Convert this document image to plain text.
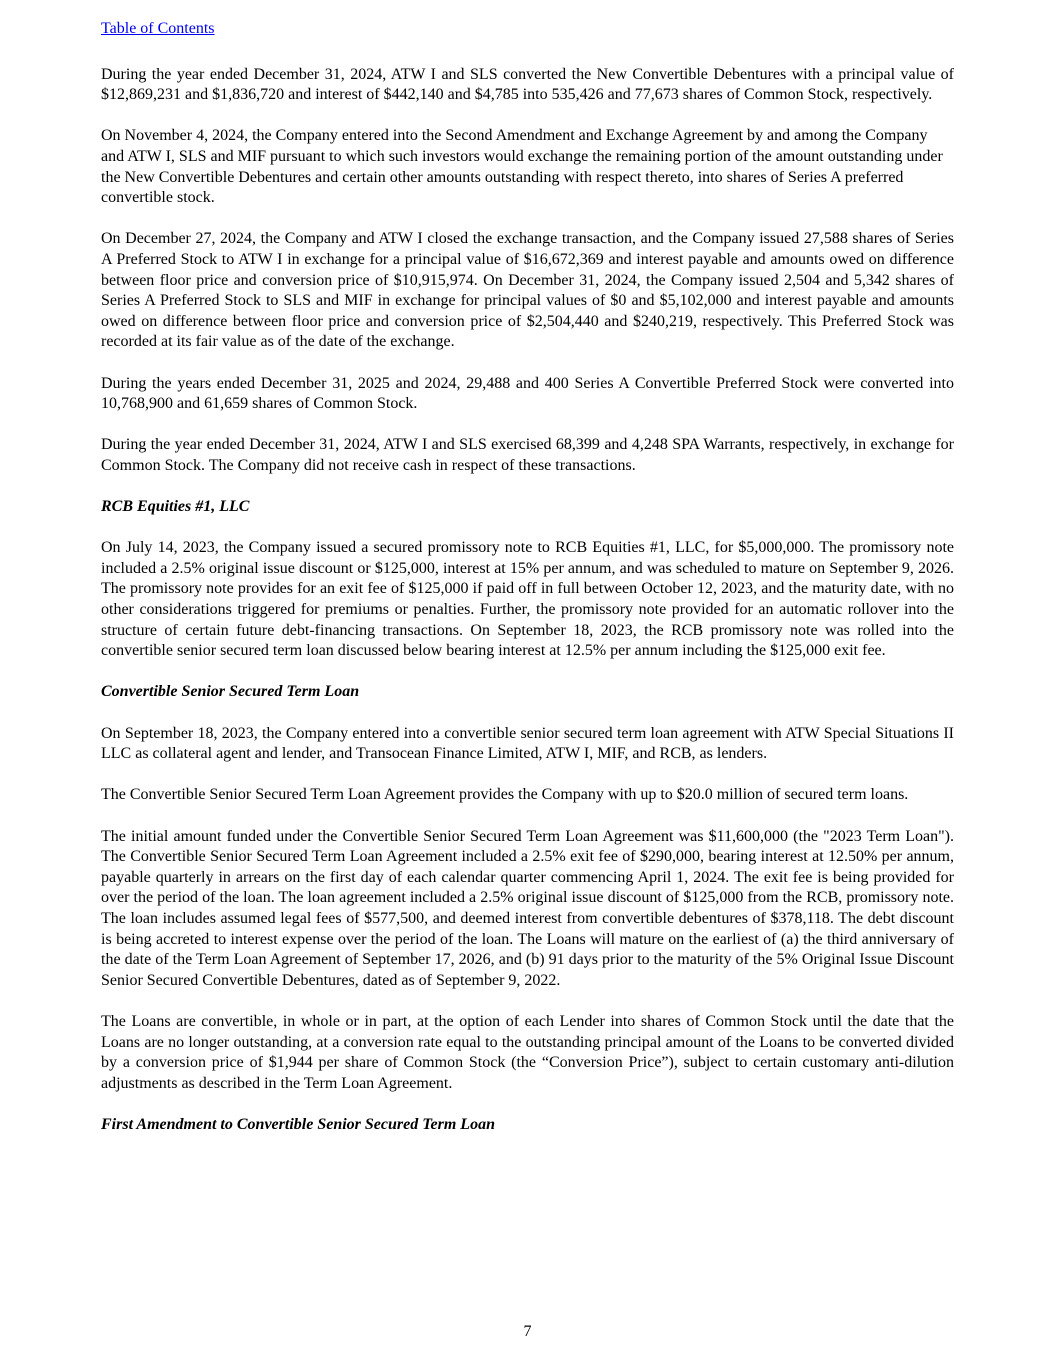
Table of Contents

During the year ended December 31, 2024, ATW I and SLS converted the New Convertible Debentures with a principal value of $12,869,231 and $1,836,720 and interest of $442,140 and $4,785 into 535,426 and 77,673 shares of Common Stock, respectively.

On November 4, 2024, the Company entered into the Second Amendment and Exchange Agreement by and among the Company and ATW I, SLS and MIF pursuant to which such investors would exchange the remaining portion of the amount outstanding under the New Convertible Debentures and certain other amounts outstanding with respect thereto, into shares of Series A preferred convertible stock.

On December 27, 2024, the Company and ATW I closed the exchange transaction, and the Company issued 27,588 shares of Series A Preferred Stock to ATW I in exchange for a principal value of $16,672,369 and interest payable and amounts owed on difference between floor price and conversion price of $10,915,974. On December 31, 2024, the Company issued 2,504 and 5,342 shares of Series A Preferred Stock to SLS and MIF in exchange for principal values of $0 and $5,102,000 and interest payable and amounts owed on difference between floor price and conversion price of $2,504,440 and $240,219, respectively. This Preferred Stock was recorded at its fair value as of the date of the exchange.

During the years ended December 31, 2025 and 2024, 29,488 and 400 Series A Convertible Preferred Stock were converted into 10,768,900 and 61,659 shares of Common Stock.

During the year ended December 31, 2024, ATW I and SLS exercised 68,399 and 4,248 SPA Warrants, respectively, in exchange for Common Stock. The Company did not receive cash in respect of these transactions.

RCB Equities #1, LLC

On July 14, 2023, the Company issued a secured promissory note to RCB Equities #1, LLC, for $5,000,000. The promissory note included a 2.5% original issue discount or $125,000, interest at 15% per annum, and was scheduled to mature on September 9, 2026. The promissory note provides for an exit fee of $125,000 if paid off in full between October 12, 2023, and the maturity date, with no other considerations triggered for premiums or penalties. Further, the promissory note provided for an automatic rollover into the structure of certain future debt-financing transactions. On September 18, 2023, the RCB promissory note was rolled into the convertible senior secured term loan discussed below bearing interest at 12.5% per annum including the $125,000 exit fee.

Convertible Senior Secured Term Loan

On September 18, 2023, the Company entered into a convertible senior secured term loan agreement with ATW Special Situations II LLC as collateral agent and lender, and Transocean Finance Limited, ATW I, MIF, and RCB, as lenders.

The Convertible Senior Secured Term Loan Agreement provides the Company with up to $20.0 million of secured term loans.

The initial amount funded under the Convertible Senior Secured Term Loan Agreement was $11,600,000 (the "2023 Term Loan"). The Convertible Senior Secured Term Loan Agreement included a 2.5% exit fee of $290,000, bearing interest at 12.50% per annum, payable quarterly in arrears on the first day of each calendar quarter commencing April 1, 2024. The exit fee is being provided for over the period of the loan. The loan agreement included a 2.5% original issue discount of $125,000 from the RCB, promissory note. The loan includes assumed legal fees of $577,500, and deemed interest from convertible debentures of $378,118. The debt discount is being accreted to interest expense over the period of the loan. The Loans will mature on the earliest of (a) the third anniversary of the date of the Term Loan Agreement of September 17, 2026, and (b) 91 days prior to the maturity of the 5% Original Issue Discount Senior Secured Convertible Debentures, dated as of September 9, 2022.

The Loans are convertible, in whole or in part, at the option of each Lender into shares of Common Stock until the date that the Loans are no longer outstanding, at a conversion rate equal to the outstanding principal amount of the Loans to be converted divided by a conversion price of $1,944 per share of Common Stock (the “Conversion Price”), subject to certain customary anti-dilution adjustments as described in the Term Loan Agreement.

First Amendment to Convertible Senior Secured Term Loan
7
